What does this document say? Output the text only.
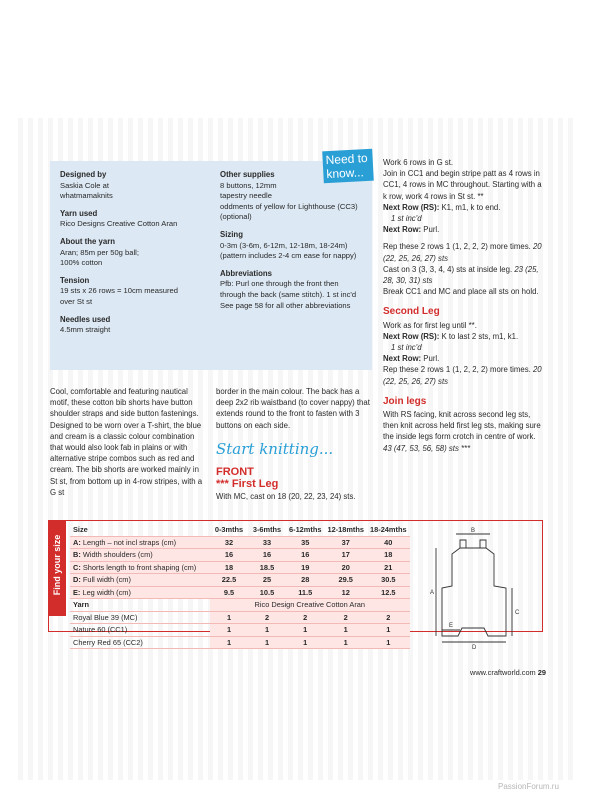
Designed by

Saskia Cole at
whatmamaknits

Yarn used

Rico Designs Creative Cotton Aran

About the yarn

Aran; 85m per 50g ball;
100% cotton

Tension

19 sts x 26 rows = 10cm measured
over St st

Needles used

4.5mm straight

Other supplies

8 buttons, 12mm
tapestry needle
oddments of yellow for Lighthouse (CC3)
(optional)

Sizing

0-3m (3-6m, 6-12m, 12-18m, 18-24m)
(pattern includes 2-4 cm ease for nappy)

Abbreviations

Pfb: Purl one through the front then
through the back (same stitch). 1 st inc'd
See page 58 for all other abbreviations

Need to know...
Cool, comfortable and featuring nautical motif, these cotton bib shorts have button shoulder straps and side button fastenings. Designed to be worn over a T-shirt, the blue and cream is a classic colour combination that would also look fab in plains or with alternative stripe combos such as red and cream. The bib shorts are worked mainly in St st, from bottom up in 4-row stripes, with a G st
border in the main colour. The back has a deep 2x2 rib waistband (to cover nappy) that extends round to the front to fasten with 3 buttons on each side.
Start knitting...
FRONT
*** First Leg
With MC, cast on 18 (20, 22, 23, 24) sts.

Work 6 rows in G st.

Join in CC1 and begin stripe patt as 4 rows in CC1, 4 rows in MC throughout. Starting with a k row, work 4 rows in St st. **

Next Row (RS): K1, m1, k to end.

1 st inc'd

Next Row: Purl.

Rep these 2 rows 1 (1, 2, 2, 2) more times. 20 (22, 25, 26, 27) sts

Cast on 3 (3, 3, 4, 4) sts at inside leg. 23 (25, 28, 30, 31) sts

Break CC1 and MC and place all sts on hold.

Second Leg

Work as for first leg until **.

Next Row (RS): K to last 2 sts, m1, k1.

1 st inc'd

Next Row: Purl.

Rep these 2 rows 1 (1, 2, 2, 2) more times. 20 (22, 25, 26, 27) sts

Join legs

With RS facing, knit across second leg sts, then knit across held first leg sts, making sure the inside legs form crotch in centre of work. 43 (47, 53, 56, 58) sts ***

Find your size
Size	0-3mths	3-6mths	6-12mths	12-18mths	18-24mths
A: Length – not incl straps (cm)	32	33	35	37	40
B: Width shoulders (cm)	16	16	16	17	18
C: Shorts length to front shaping (cm)	18	18.5	19	20	21
D: Full width (cm)	22.5	25	28	29.5	30.5
E: Leg width (cm)	9.5	10.5	11.5	12	12.5
Yarn	Rico Design Creative Cotton Aran				
Royal Blue 39 (MC)	1	2	2	2	2
Nature 60 (CC1)	1	1	1	1	1
Cherry Red 65 (CC2)	1	1	1	1	1
B
A
C
D
E
www.craftworld.com 29
PassionForum.ru
